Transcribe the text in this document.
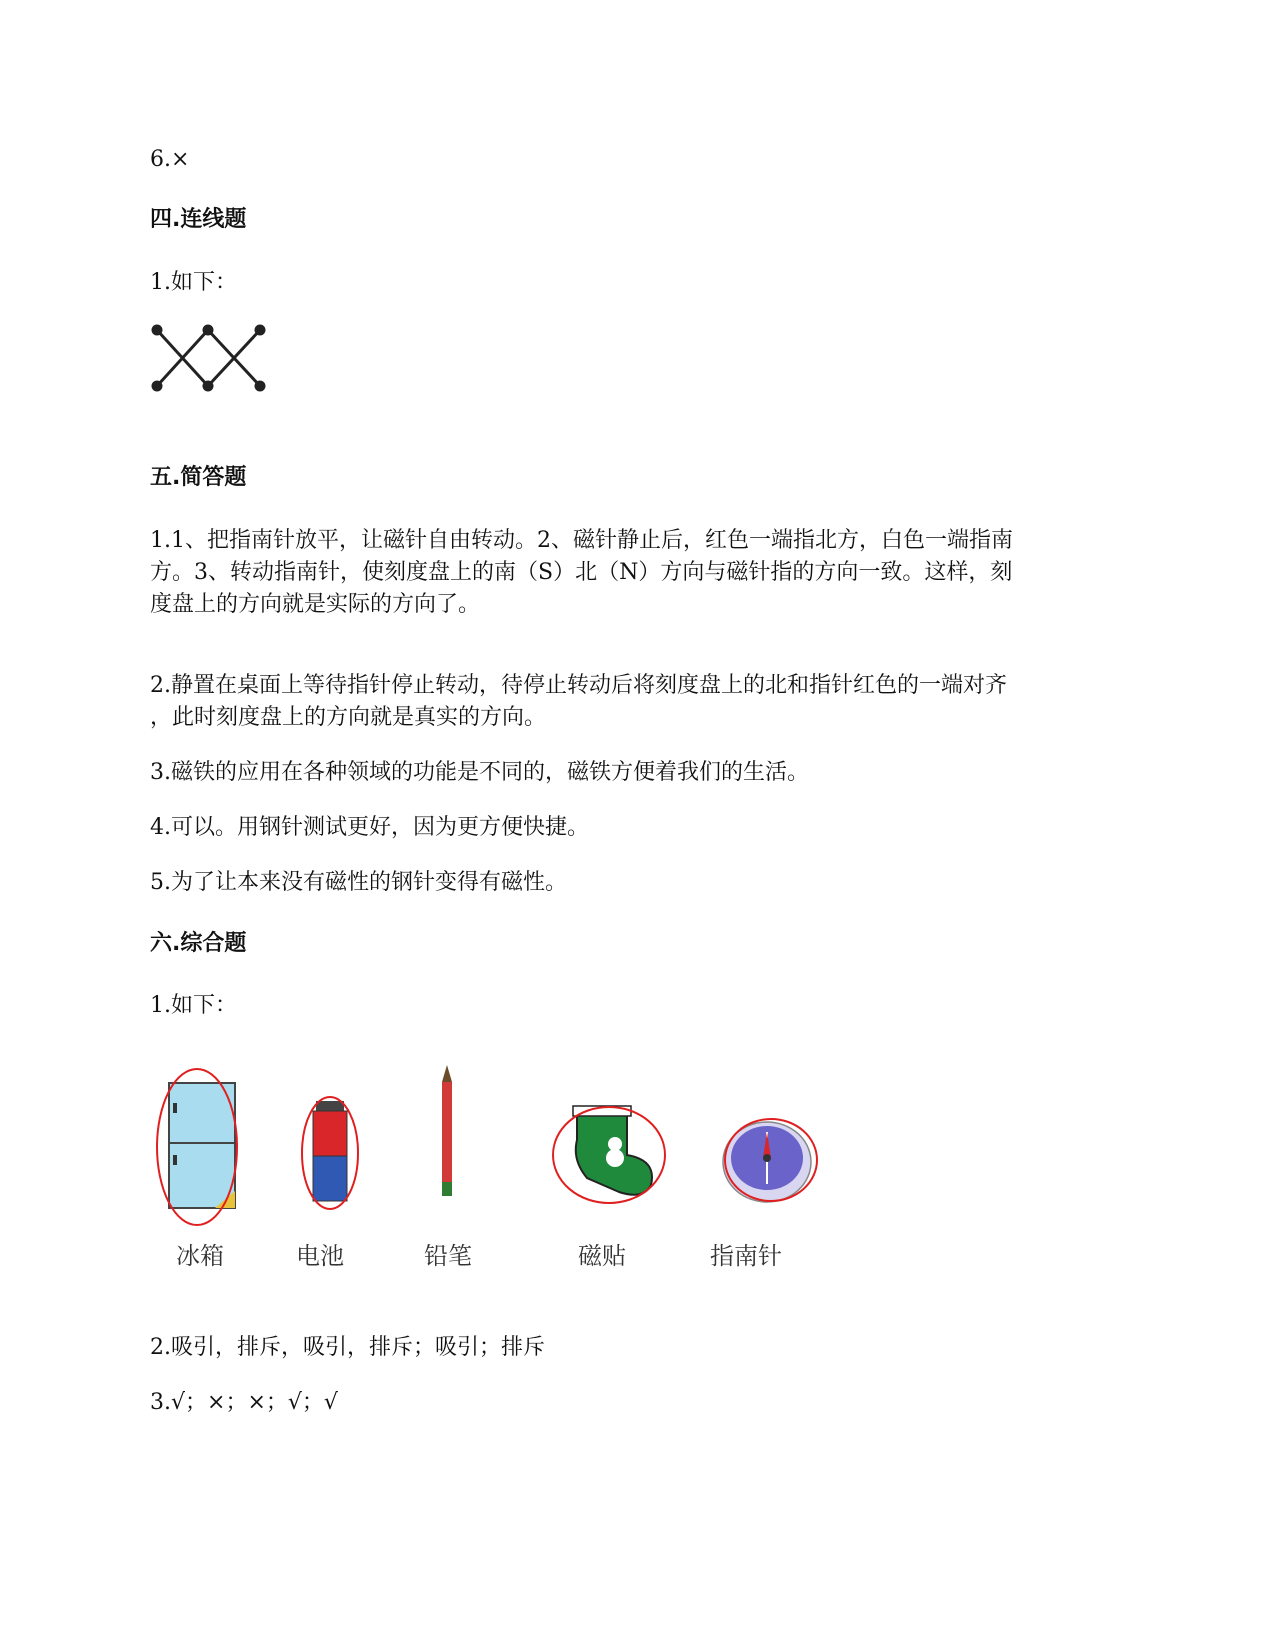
6.×
四.连线题
1.如下：
五.简答题
1.1、把指南针放平，让磁针自由转动。2、磁针静止后，红色一端指北方，白色一端指南
方。3、转动指南针，使刻度盘上的南（S）北（N）方向与磁针指的方向一致。这样，刻
度盘上的方向就是实际的方向了。
2.静置在桌面上等待指针停止转动，待停止转动后将刻度盘上的北和指针红色的一端对齐
，此时刻度盘上的方向就是真实的方向。
3.磁铁的应用在各种领域的功能是不同的，磁铁方便着我们的生活。
4.可以。用钢针测试更好，因为更方便快捷。
5.为了让本来没有磁性的钢针变得有磁性。
六.综合题
1.如下：
冰箱	电池	铅笔	磁贴	指南针
2.吸引，排斥，吸引，排斥；吸引；排斥
3.√；×；×；√；√
